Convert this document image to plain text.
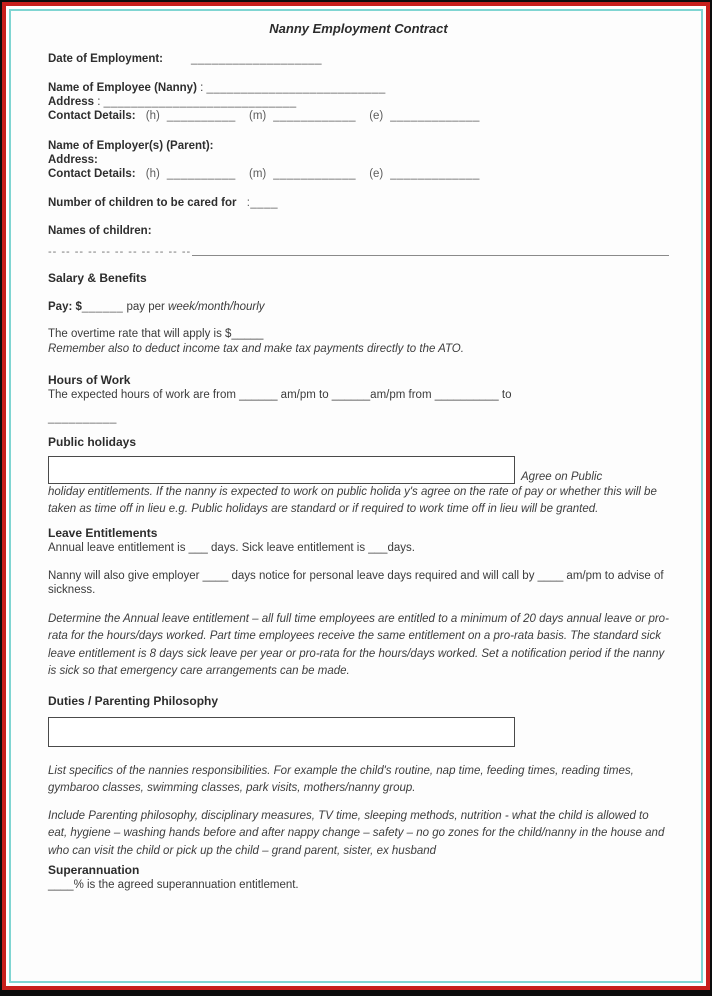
Nanny Employment Contract
Date of Employment: ___________________
Name of Employee (Nanny) : __________________________
Address : ____________________________
Contact Details: (h) __________ (m) ____________ (e) _____________
Name of Employer(s) (Parent):
Address:
Contact Details: (h) __________ (m) ____________ (e) _____________
Number of children to be cared for :____
Names of children:
-- -- -- -- -- -- -- -- -- -- --
Salary & Benefits
Pay: $______ pay per week/month/hourly
The overtime rate that will apply is $_____

Remember also to deduct income tax and make tax payments directly to the ATO.

Hours of Work
The expected hours of work are from ______ am/pm to ______am/pm from __________ to
__________
Public holidays
Agree on Public

holiday entitlements. If the nanny is expected to work on public holida y's agree on the rate of pay or whether this will be taken as time off in lieu e.g. Public holidays are standard or if required to work time off in lieu will be granted.

Leave Entitlements
Annual leave entitlement is ___ days. Sick leave entitlement is ___days.

Nanny will also give employer ____ days notice for personal leave days required and will call by ____ am/pm to advise of sickness.

Determine the Annual leave entitlement – all full time employees are entitled to a minimum of 20 days annual leave or pro-rata for the hours/days worked. Part time employees receive the same entitlement on a pro-rata basis. The standard sick leave entitlement is 8 days sick leave per year or pro-rata for the hours/days worked. Set a notification period if the nanny is sick so that emergency care arrangements can be made.

Duties / Parenting Philosophy

List specifics of the nannies responsibilities. For example the child's routine, nap time, feeding times, reading times, gymbaroo classes, swimming classes, park visits, mothers/nanny group.

Include Parenting philosophy, disciplinary measures, TV time, sleeping methods, nutrition - what the child is allowed to eat, hygiene – washing hands before and after nappy change – safety – no go zones for the child/nanny in the house and who can visit the child or pick up the child – grand parent, sister, ex husband

Superannuation
____% is the agreed superannuation entitlement.
